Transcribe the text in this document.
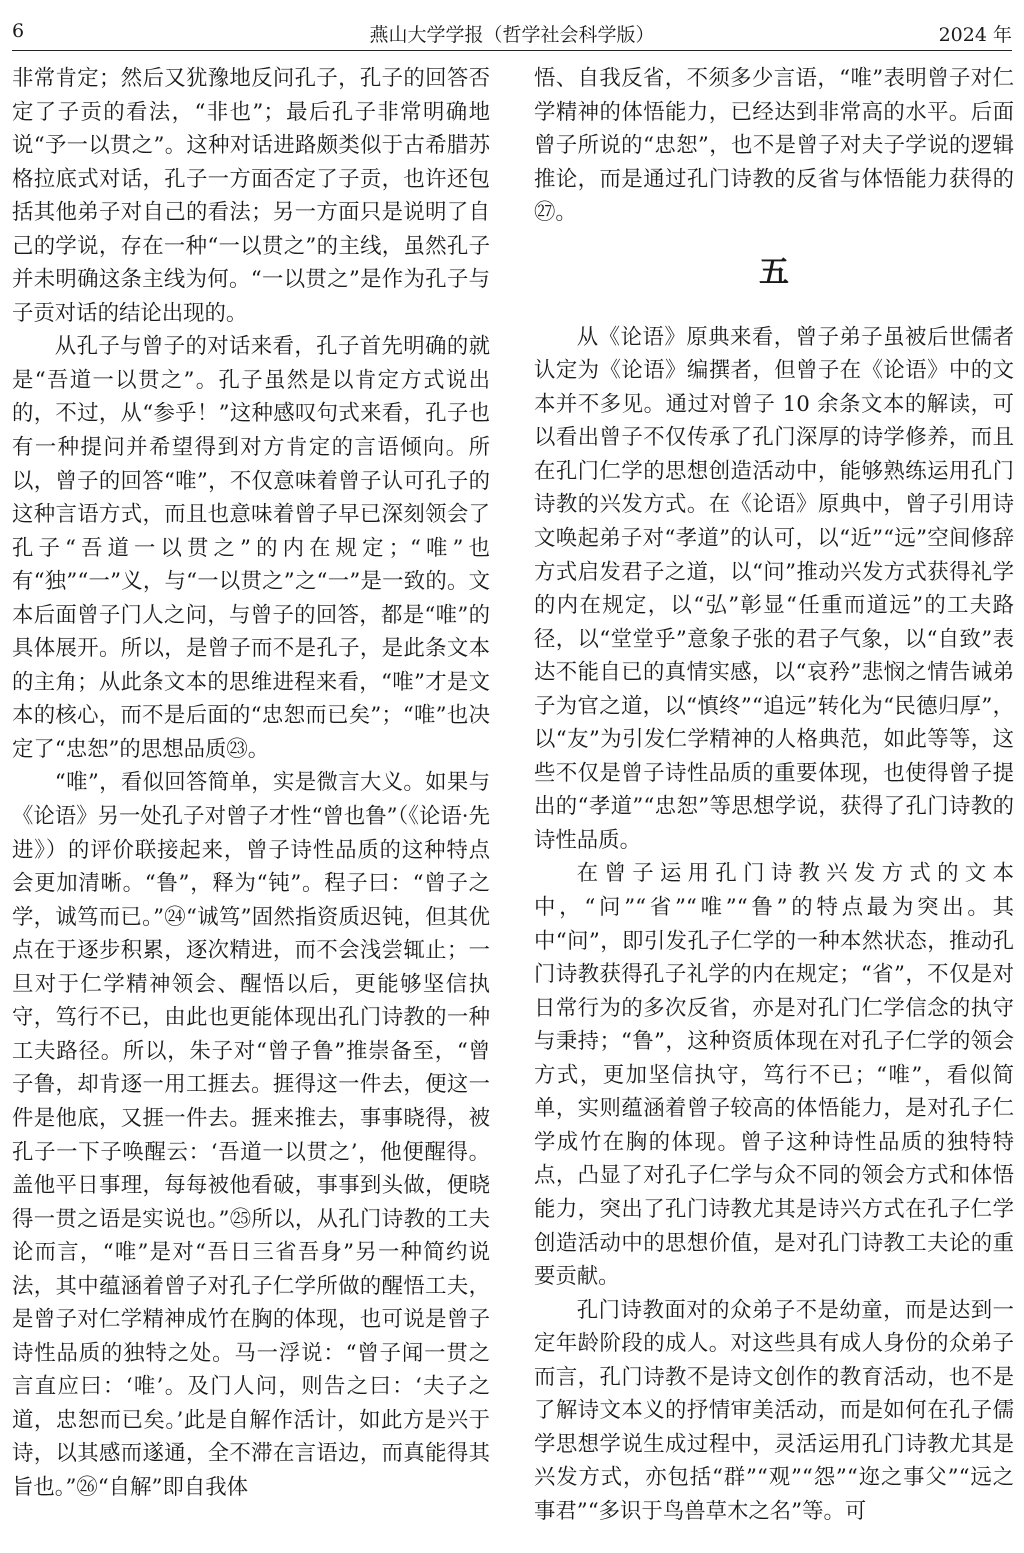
6	燕山大学学报（哲学社会科学版）	2024 年

非常肯定；然后又犹豫地反问孔子，孔子的回答否定了子贡的看法，“非也”；最后孔子非常明确地说“予一以贯之”。这种对话进路颇类似于古希腊苏格拉底式对话，孔子一方面否定了子贡，也许还包括其他弟子对自己的看法；另一方面只是说明了自己的学说，存在一种“一以贯之”的主线，虽然孔子并未明确这条主线为何。“一以贯之”是作为孔子与子贡对话的结论出现的。

从孔子与曾子的对话来看，孔子首先明确的就是“吾道一以贯之”。孔子虽然是以肯定方式说出的，不过，从“参乎！”这种感叹句式来看，孔子也有一种提问并希望得到对方肯定的言语倾向。所以，曾子的回答“唯”，不仅意味着曾子认可孔子的这种言语方式，而且也意味着曾子早已深刻领会了孔子“吾道一以贯之”的内在规定；“唯”也有“独”“一”义，与“一以贯之”之“一”是一致的。文本后面曾子门人之问，与曾子的回答，都是“唯”的具体展开。所以，是曾子而不是孔子，是此条文本的主角；从此条文本的思维进程来看，“唯”才是文本的核心，而不是后面的“忠恕而已矣”；“唯”也决定了“忠恕”的思想品质㉓。

“唯”，看似回答简单，实是微言大义。如果与《论语》另一处孔子对曾子才性“曾也鲁”（《论语·先进》）的评价联接起来，曾子诗性品质的这种特点会更加清晰。“鲁”，释为“钝”。程子曰：“曾子之学，诚笃而已。”㉔“诚笃”固然指资质迟钝，但其优点在于逐步积累，逐次精进，而不会浅尝辄止；一旦对于仁学精神领会、醒悟以后，更能够坚信执守，笃行不已，由此也更能体现出孔门诗教的一种工夫路径。所以，朱子对“曾子鲁”推崇备至，“曾子鲁，却肯逐一用工捱去。捱得这一件去，便这一件是他底，又捱一件去。捱来推去，事事晓得，被孔子一下子唤醒云：‘吾道一以贯之’，他便醒得。盖他平日事理，每每被他看破，事事到头做，便晓得一贯之语是实说也。”㉕所以，从孔门诗教的工夫论而言，“唯”是对“吾日三省吾身”另一种简约说法，其中蕴涵着曾子对孔子仁学所做的醒悟工夫，是曾子对仁学精神成竹在胸的体现，也可说是曾子诗性品质的独特之处。马一浮说：“曾子闻一贯之言直应曰：‘唯’。及门人问，则告之曰：‘夫子之道，忠恕而已矣。’此是自解作活计，如此方是兴于诗，以其感而遂通，全不滞在言语边，而真能得其旨也。”㉖“自解”即自我体

悟、自我反省，不须多少言语，“唯”表明曾子对仁学精神的体悟能力，已经达到非常高的水平。后面曾子所说的“忠恕”，也不是曾子对夫子学说的逻辑推论，而是通过孔门诗教的反省与体悟能力获得的㉗。

五

从《论语》原典来看，曾子弟子虽被后世儒者认定为《论语》编撰者，但曾子在《论语》中的文本并不多见。通过对曾子 10 余条文本的解读，可以看出曾子不仅传承了孔门深厚的诗学修养，而且在孔门仁学的思想创造活动中，能够熟练运用孔门诗教的兴发方式。在《论语》原典中，曾子引用诗文唤起弟子对“孝道”的认可，以“近”“远”空间修辞方式启发君子之道，以“问”推动兴发方式获得礼学的内在规定，以“弘”彰显“任重而道远”的工夫路径，以“堂堂乎”意象子张的君子气象，以“自致”表达不能自已的真情实感，以“哀矜”悲悯之情告诫弟子为官之道，以“慎终”“追远”转化为“民德归厚”，以“友”为引发仁学精神的人格典范，如此等等，这些不仅是曾子诗性品质的重要体现，也使得曾子提出的“孝道”“忠恕”等思想学说，获得了孔门诗教的诗性品质。

在曾子运用孔门诗教兴发方式的文本中，“问”“省”“唯”“鲁”的特点最为突出。其中“问”，即引发孔子仁学的一种本然状态，推动孔门诗教获得孔子礼学的内在规定；“省”，不仅是对日常行为的多次反省，亦是对孔门仁学信念的执守与秉持；“鲁”，这种资质体现在对孔子仁学的领会方式，更加坚信执守，笃行不已；“唯”，看似简单，实则蕴涵着曾子较高的体悟能力，是对孔子仁学成竹在胸的体现。曾子这种诗性品质的独特特点，凸显了对孔子仁学与众不同的领会方式和体悟能力，突出了孔门诗教尤其是诗兴方式在孔子仁学创造活动中的思想价值，是对孔门诗教工夫论的重要贡献。

孔门诗教面对的众弟子不是幼童，而是达到一定年龄阶段的成人。对这些具有成人身份的众弟子而言，孔门诗教不是诗文创作的教育活动，也不是了解诗文本义的抒情审美活动，而是如何在孔子儒学思想学说生成过程中，灵活运用孔门诗教尤其是兴发方式，亦包括“群”“观”“怨”“迩之事父”“远之事君”“多识于鸟兽草木之名”等。可
